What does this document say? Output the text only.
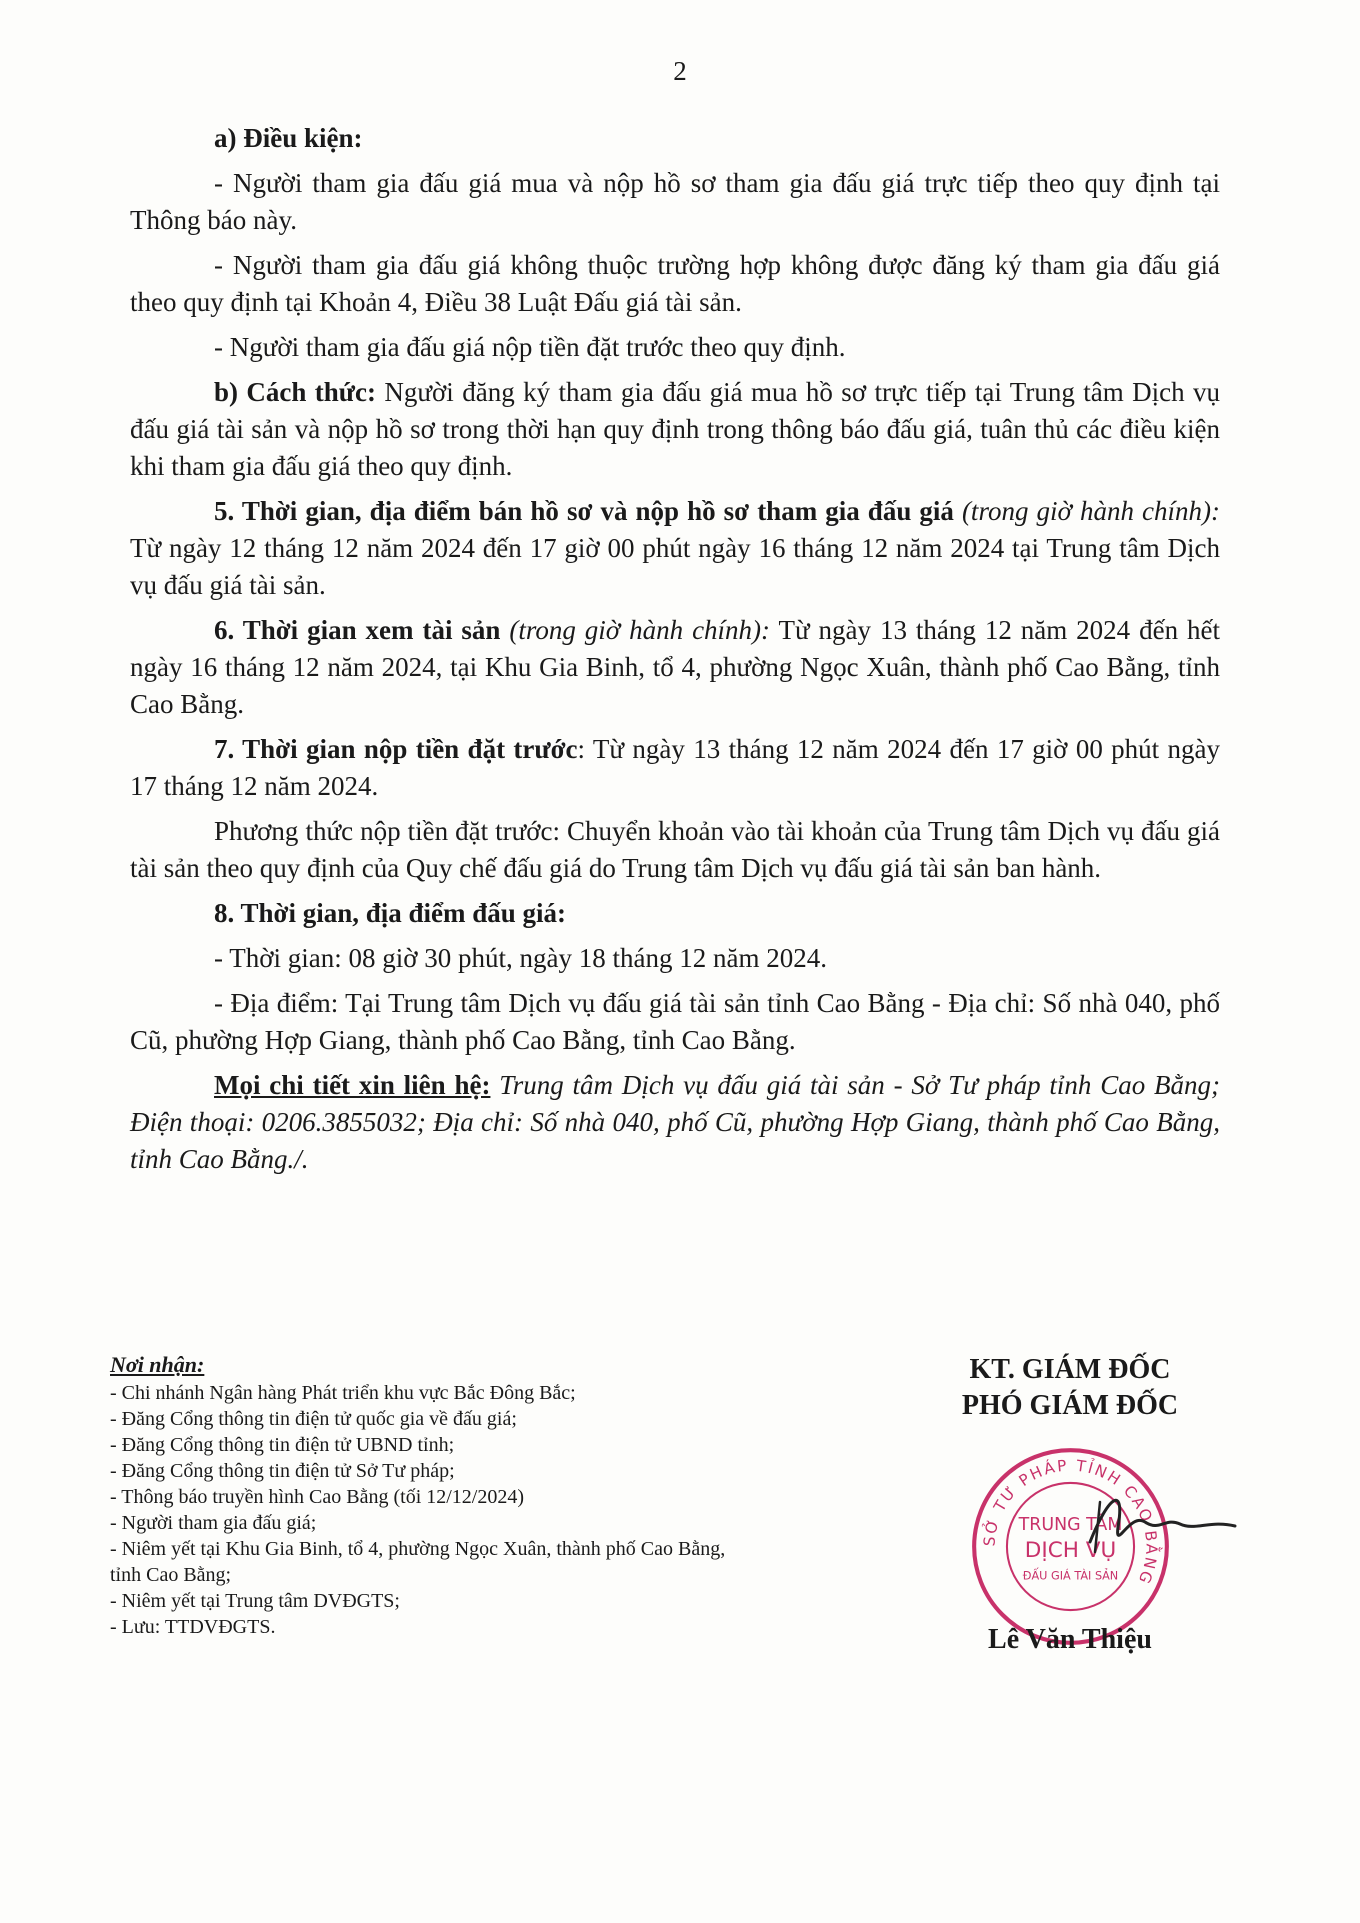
2

a) Điều kiện:

- Người tham gia đấu giá mua và nộp hồ sơ tham gia đấu giá trực tiếp theo quy định tại Thông báo này.

- Người tham gia đấu giá không thuộc trường hợp không được đăng ký tham gia đấu giá theo quy định tại Khoản 4, Điều 38 Luật Đấu giá tài sản.

- Người tham gia đấu giá nộp tiền đặt trước theo quy định.

b) Cách thức: Người đăng ký tham gia đấu giá mua hồ sơ trực tiếp tại Trung tâm Dịch vụ đấu giá tài sản và nộp hồ sơ trong thời hạn quy định trong thông báo đấu giá, tuân thủ các điều kiện khi tham gia đấu giá theo quy định.

5. Thời gian, địa điểm bán hồ sơ và nộp hồ sơ tham gia đấu giá (trong giờ hành chính): Từ ngày 12 tháng 12 năm 2024 đến 17 giờ 00 phút ngày 16 tháng 12 năm 2024 tại Trung tâm Dịch vụ đấu giá tài sản.

6. Thời gian xem tài sản (trong giờ hành chính): Từ ngày 13 tháng 12 năm 2024 đến hết ngày 16 tháng 12 năm 2024, tại Khu Gia Binh, tổ 4, phường Ngọc Xuân, thành phố Cao Bằng, tỉnh Cao Bằng.

7. Thời gian nộp tiền đặt trước: Từ ngày 13 tháng 12 năm 2024 đến 17 giờ 00 phút ngày 17 tháng 12 năm 2024.

Phương thức nộp tiền đặt trước: Chuyển khoản vào tài khoản của Trung tâm Dịch vụ đấu giá tài sản theo quy định của Quy chế đấu giá do Trung tâm Dịch vụ đấu giá tài sản ban hành.

8. Thời gian, địa điểm đấu giá:

- Thời gian: 08 giờ 30 phút, ngày 18 tháng 12 năm 2024.

- Địa điểm: Tại Trung tâm Dịch vụ đấu giá tài sản tỉnh Cao Bằng - Địa chỉ: Số nhà 040, phố Cũ, phường Hợp Giang, thành phố Cao Bằng, tỉnh Cao Bằng.

Mọi chi tiết xin liên hệ: Trung tâm Dịch vụ đấu giá tài sản - Sở Tư pháp tỉnh Cao Bằng; Điện thoại: 0206.3855032; Địa chỉ: Số nhà 040, phố Cũ, phường Hợp Giang, thành phố Cao Bằng, tỉnh Cao Bằng./.

Nơi nhận:
- Chi nhánh Ngân hàng Phát triển khu vực Bắc Đông Bắc;
- Đăng Cổng thông tin điện tử quốc gia về đấu giá;
- Đăng Cổng thông tin điện tử UBND tỉnh;
- Đăng Cổng thông tin điện tử Sở Tư pháp;
- Thông báo truyền hình Cao Bằng (tối 12/12/2024)
- Người tham gia đấu giá;
- Niêm yết tại Khu Gia Binh, tổ 4, phường Ngọc Xuân, thành phố Cao Bằng, tỉnh Cao Bằng;
- Niêm yết tại Trung tâm DVĐGTS;
- Lưu: TTDVĐGTS.
KT. GIÁM ĐỐC
PHÓ GIÁM ĐỐC
SỞ TƯ PHÁP TỈNH CAO BẰNG
TRUNG TÂM
DỊCH VỤ
ĐẤU GIÁ TÀI SẢN
Lê Văn Thiệu
